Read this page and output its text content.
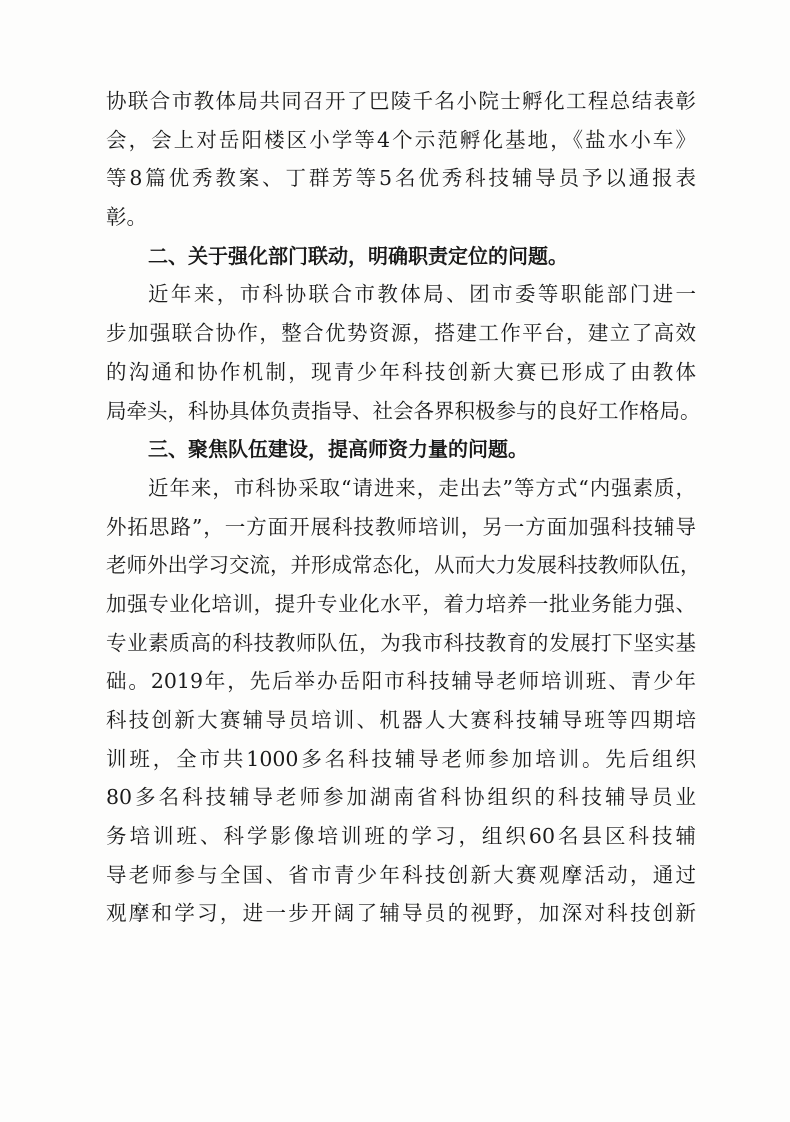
协联合市教体局共同召开了巴陵千名小院士孵化工程总结表彰
会，会上对岳阳楼区小学等4个示范孵化基地，《盐水小车》
等8篇优秀教案、丁群芳等5名优秀科技辅导员予以通报表
彰。
二、关于强化部门联动，明确职责定位的问题。
近年来，市科协联合市教体局、团市委等职能部门进一
步加强联合协作，整合优势资源，搭建工作平台，建立了高效
的沟通和协作机制，现青少年科技创新大赛已形成了由教体
局牵头，科协具体负责指导、社会各界积极参与的良好工作格局。
三、聚焦队伍建设，提高师资力量的问题。
近年来，市科协采取“请进来，走出去”等方式“内强素质，
外拓思路”，一方面开展科技教师培训，另一方面加强科技辅导
老师外出学习交流，并形成常态化，从而大力发展科技教师队伍，
加强专业化培训，提升专业化水平，着力培养一批业务能力强、
专业素质高的科技教师队伍，为我市科技教育的发展打下坚实基
础。2019年，先后举办岳阳市科技辅导老师培训班、青少年
科技创新大赛辅导员培训、机器人大赛科技辅导班等四期培
训班，全市共1000多名科技辅导老师参加培训。先后组织
80多名科技辅导老师参加湖南省科协组织的科技辅导员业
务培训班、科学影像培训班的学习，组织60名县区科技辅
导老师参与全国、省市青少年科技创新大赛观摩活动，通过
观摩和学习，进一步开阔了辅导员的视野，加深对科技创新
